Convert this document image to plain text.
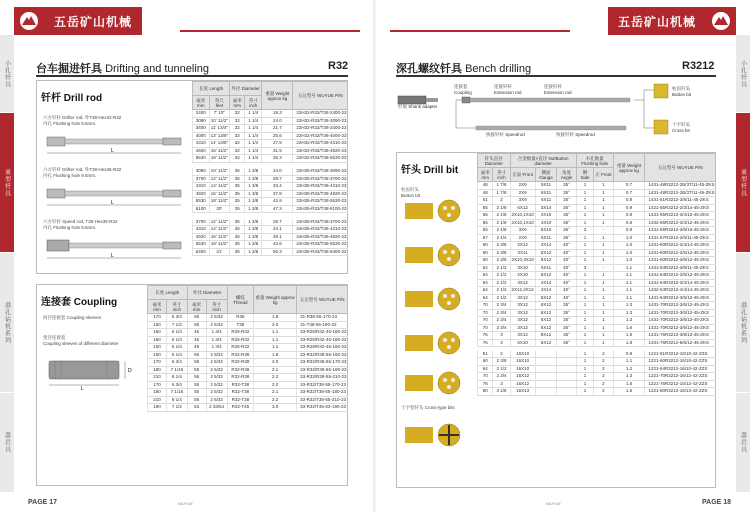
小孔钎具
重型钎具
潜孔钻机系列
凿岩具
五岳矿山机械
台车掘进钎具 Drifting and tunneling	R32
钎杆 Drill rod
长度 Length		外径 Diameter		重量 Weight approx kg	五岳型号 WUYUE P/N
毫米 mm	英尺 feet	毫米 mm	英寸 inch		
2400	7' 10"	32	1 1/4	19.3	22H32-R32/T38-2400-23
3090	10' 11/2"	32	1 1/4	24.0	22H32-R32/T38-3090-23
3400	11' 13/4"	32	1 1/4	21.7	22H32-R32/T38-3400-23
4000	13' 13/8"	32	1 1/4	25.6	22H32-R32/T38-4000-23
4310	14' 13/8"	32	1 1/4	27.5	22H32-R32/T38-4310-23
4920	16' 11/2"	32	1 1/4	31.5	22H32-R32/T38-4920-23
5530	18' 11/2"	32	1 1/4	35.3	22H32-R32/T38-5530-23

3090	10' 11/2"	35	1 3/8	24.0	22H35-R32/T38-3090-23
3700	12' 11/2"	35	1 3/8	28.7	22H35-R32/T38-3700-23
4310	14' 11/2"	35	1 3/8	33.4	22H35-R32/T38-4310-23
4920	16' 11/2"	35	1 3/8	37.8	22H35-R32/T38-4920-23
5530	18' 11/2"	35	1 3/8	42.9	22H35-R32/T38-5530-23
6100	20'	35	1 3/8	47.3	22H35-R32/T38-6100-23

3700	12' 11/2"	35	1 3/8	29.7	24H35-R32/T38-3700-23
4310	14' 11/2"	35	1 3/8	34.1	24H35-R32/T38-4310-23
4920	16' 11/2"	35	1 3/8	39.1	24H35-R32/T38-4920-23
5530	18' 11/2"	35	1 3/8	43.6	24H35-R32/T38-5530-23
6400	21'	35	1 3/8	50.3	24H35-R32/T38-6400-23
六方钎杆 Drifter rod, 外T38-Hex32-R32
内孔 Flushing hole 9.5mm.
L
六方钎杆 Drifter rod, 外T38-Hex35-R32
内孔 Flushing hole 9.5mm.
L
六方钎杆 Speed rod, T38-Hex35-R32
内孔 Flushing hole 9.5mm.
L
连接套 Coupling
长度 Length		外径 Diameter		螺纹 Thread	重量 Weight approx kg	五岳型号 WUYUE P/N
毫米 mm	英寸 inch	毫米 mm	英寸 inch			
170	6 3/4	55	2 5/32	R38	1.8	31-R38-55-170-23
190	7 1/2	55	2 5/32	T38	2.0	31-T38-55-190-23
150	6 1/4	45	1 3/4	R25-R32	1.1	33-R25/R32-45-160-23
160	6 1/4	45	1 3/4	R25-R32	1.1	33-R25/R32-45-160-23
160	6 1/4	45	1 3/4	R28-R32	1.1	33-R28/R32-45-160-23
160	6 1/4	55	2 5/32	R32-R38	1.8	33-R32/R38-55-160-23
170	6 3/4	55	2 5/32	R32-R38	2.0	33-R32/R38-55-170-23
180	7 1/16	55	2 5/32	R32-R38	2.1	33-R32/R38-55-180-23
210	8 1/4	55	2 5/32	R32-R38	2.2	33-R32/R38-55-210-23
170	6 3/4	55	2 5/32	R32-T38	2.0	33-R32/T38-55-170-23
180	7 1/16	55	2 5/32	R32-T38	2.1	33-R32/T38-55-180-23
210	8 1/4	55	2 5/32	R32-T38	2.2	33-R32/T38-55-210-23
190	7 1/2	63	2 33/64	R32-T45	3.0	33-R32/T45-63-190-23
同径连接套 Coupling sleeves
变径连接套
Coupling sleeves of different diameter
D
L
PAGE 17	WUYUE
小孔钎具
重型钎具
潜孔钻机系列
凿岩具
五岳矿山机械
深孔螺纹钎具 Bench drilling	R3212
钎尾 Shank adapter
连接套
Coupling
连接钎杆
Extension rod
连接钎杆
Extension rod
快接钎杆 Speedrod	快接钎杆 Speedrod
柱齿钎头
Button bit
十字钎头
Cross bit
钎头 Drill bit
柱齿钎头
Button bit
十字型钎头 Cross-type bits
钎头直径 Diameter		合金数量×直径 No/Button diameter			水孔数量 Flushing hole		重量 Weight approx kg	五岳型号 WUYUE P/N
毫米 mm	英寸 inch	正面 Front	侧面 Gauge	角度 Angle	侧 Side	正 Front		
48	1 7/8	2X9	5X11	35°	1	1	0.7	1431-48R3212-2B/3T/11-45-ZKS
48	1 7/8	2X9	6X11	35°	1	1	0.7	1431-48R3212-2B/3T/11-46-ZKS
51	2	3X9	6X11	35°	1	1	0.8	1431-51R3212-3/6/11-45-ZKS
55	2 1/8	6X12	3X14	35°	1	1	0.9	1421-55R3212-2/3/14-45-ZKS
55	2 1/8	2X10,1X10	4X10	35°	1	1	0.8	1431-55R3212-3/4/12-45-ZKS
55	2 1/8	2X10,1X10	4X10	35°	1	1	0.8	1432-55R3212-3/4/12-45-ZKS
55	2 1/8	3X9	6X10	35°	3	-	0.9	1431-55R3212-3/6/10-45-ZKS
57	2 1/4	2X9	6X11	35°	1	1	1.0	1431-57R3212-2/6/11-45-ZKS
60	2 3/8	2X12	4X14	40°	1	1	1.0	1431-60R3212-2/4/14-45-ZKS
60	2 3/8	2X11	5X12	40°	1	1	1.0	1431-60R3212-2/5/12-45-ZKS
60	2 3/8	2X10,3X10	6X12	40°	1	1	1.0	1431-60R3212-3/6/12-45-ZKS
64	2 1/2	3X10	6X11	40°	3	-	1.1	1431-64R3212-3/6/11-45-ZKS
64	2 1/2	2X10	6X12	40°	1	1	1.1	1431-64R3212-2/6/12-45-ZKS
64	2 1/2	3X12	4X14	40°	1	1	1.1	1431-64R3212-3/4/14-45-ZKS
64	2 1/2	2X12,2X12	4X14	40°	1	1	1.1	1432-64R3212-4/4/14-45-ZKS
64	2 1/2	3X12	6X12	40°	1	1	1.1	1431-64R3212-3/6/12-45-ZKS
70	2 3/4	3X12	6X12	35°	1	1	1.3	1431-70R3212-3/6/12-45-ZKS
70	2 3/4	3X12	6X12	35°	1	1	1.3	1431-70R3212-3/6/12-45-ZKS
70	2 3/4	3X12	6X12	35°	1	1	1.3	1431-70R3212-3/6/12-45-ZKS
70	2 3/4	3X12	6X12	35°	1	1	1.6	1431-70R3212-3/6/12-45-ZKS
76	3	3X12	8X12	35°	1	1	1.8	1431-76R3212-3/8/12-45-ZKS
76	3	6X10	6X12	35°	1	1	1.8	1431-76R3212-6/6/12-45-ZKS

51	2	16X10			1	2	0.9	1221-51R3212-16/10-42-ZZS
60	2 3/8	16X10			1	2	1.1	1221-60R3212-16/10-42-ZZS
64	2 1/2	16X10			1	2	1.2	1221-64R3212-16/10-42-ZZS
70	2 3/4	16X12			1	2	1.3	1221-70R3212-16/12-42-ZZS
76	3	16X12			1	2	1.5	1221-76R3212-16/12-42-ZZS
80	3 1/8	16X13			1	2	1.6	1221-80R3212-16/13-42-ZZS
PAGE 18
WUYUE
